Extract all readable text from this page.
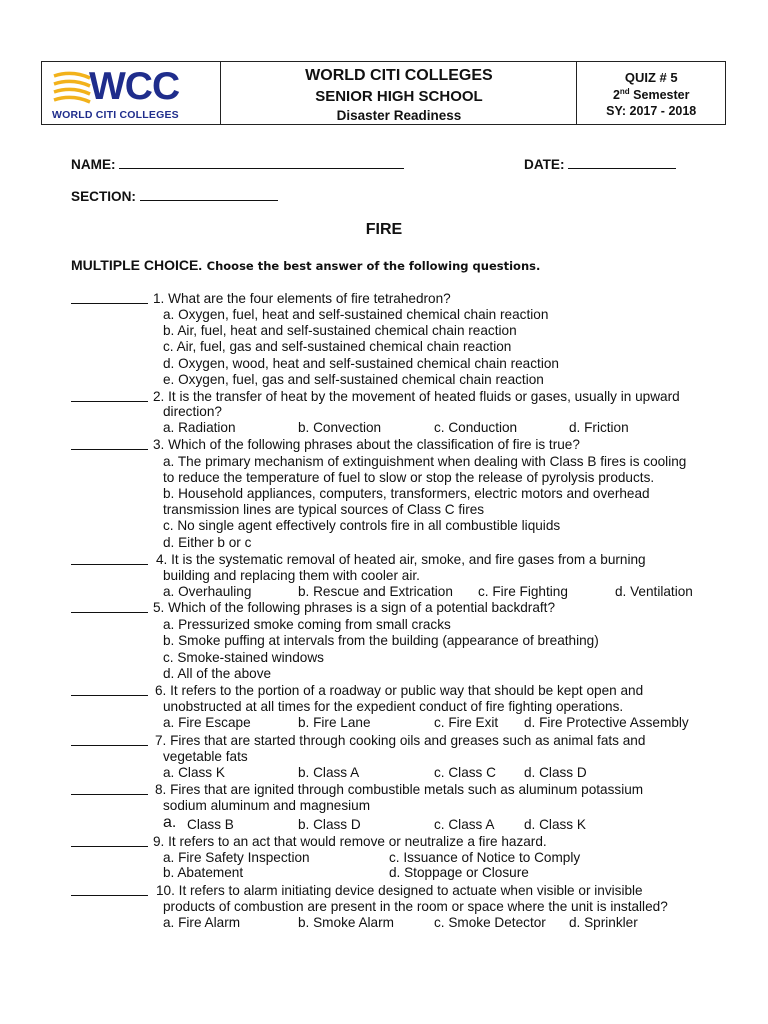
WCC
WORLD CITI COLLEGES
WORLD CITI COLLEGES
SENIOR HIGH SCHOOL
Disaster Readiness
QUIZ # 5
2nd Semester
SY: 2017 - 2018
NAME:	DATE:
SECTION:
FIRE
MULTIPLE CHOICE. Choose the best answer of the following questions.
1. What are the four elements of fire tetrahedron?
a. Oxygen, fuel, heat and self-sustained chemical chain reaction
b. Air, fuel, heat and self-sustained chemical chain reaction
c. Air, fuel, gas and self-sustained chemical chain reaction
d. Oxygen, wood, heat and self-sustained chemical chain reaction
e. Oxygen, fuel, gas and self-sustained chemical chain reaction
2. It is the transfer of heat by the movement of heated fluids or gases, usually in upward
direction?
a. Radiation	b. Convection	c. Conduction	d. Friction
3. Which of the following phrases about the classification of fire is true?
a. The primary mechanism of extinguishment when dealing with Class B fires is cooling
to reduce the temperature of fuel to slow or stop the release of pyrolysis products.
b. Household appliances, computers, transformers, electric motors and overhead
transmission lines are typical sources of Class C fires
c. No single agent effectively controls fire in all combustible liquids
d. Either b or c
4. It is the systematic removal of heated air, smoke, and fire gases from a burning
building and replacing them with cooler air.
a. Overhauling	b. Rescue and Extrication c. Fire Fighting	d. Ventilation
5. Which of the following phrases is a sign of a potential backdraft?
a. Pressurized smoke coming from small cracks
b. Smoke puffing at intervals from the building (appearance of breathing)
c. Smoke-stained windows
d. All of the above
6. It refers to the portion of a roadway or public way that should be kept open and
unobstructed at all times for the expedient conduct of fire fighting operations.
a. Fire Escape	b. Fire Lane	c. Fire Exit d. Fire Protective Assembly
7. Fires that are started through cooking oils and greases such as animal fats and
vegetable fats
a. Class K	b. Class A	c. Class C d. Class D
8. Fires that are ignited through combustible metals such as aluminum potassium
sodium aluminum and magnesium
a. Class B	b. Class D	c. Class A d. Class K
9. It refers to an act that would remove or neutralize a fire hazard.
a. Fire Safety Inspection	c. Issuance of Notice to Comply
b. Abatement	d. Stoppage or Closure
10. It refers to alarm initiating device designed to actuate when visible or invisible
products of combustion are present in the room or space where the unit is installed?
a. Fire Alarm	b. Smoke Alarm	c. Smoke Detector d. Sprinkler
